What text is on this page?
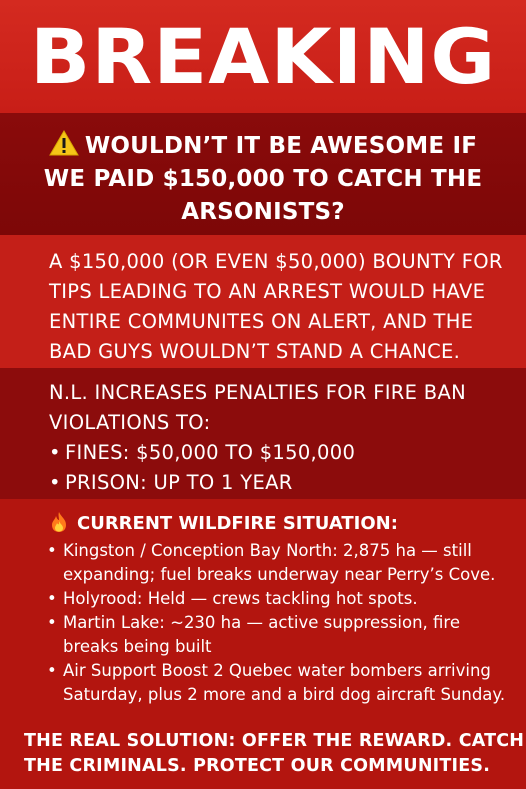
BREAKING
WOULDN’T IT BE AWESOME IF
WE PAID $150,000 TO CATCH THE
ARSONISTS?
A $150,000 (OR EVEN $50,000) BOUNTY FOR
TIPS LEADING TO AN ARREST WOULD HAVE
ENTIRE COMMUNITES ON ALERT, AND THE
BAD GUYS WOULDN’T STAND A CHANCE.
N.L. INCREASES PENALTIES FOR FIRE BAN
VIOLATIONS TO:
• FINES: $50,000 TO $150,000
• PRISON: UP TO 1 YEAR
CURRENT WILDFIRE SITUATION:
• Kingston / Conception Bay North: 2,875 ha — still
expanding; fuel breaks underway near Perry’s Cove.
• Holyrood: Held — crews tackling hot spots.
• Martin Lake: ~230 ha — active suppression, fire
breaks being built
• Air Support Boost 2 Quebec water bombers arriving
Saturday, plus 2 more and a bird dog aircraft Sunday.
THE REAL SOLUTION: OFFER THE REWARD. CATCH
THE CRIMINALS. PROTECT OUR COMMUNITIES.
